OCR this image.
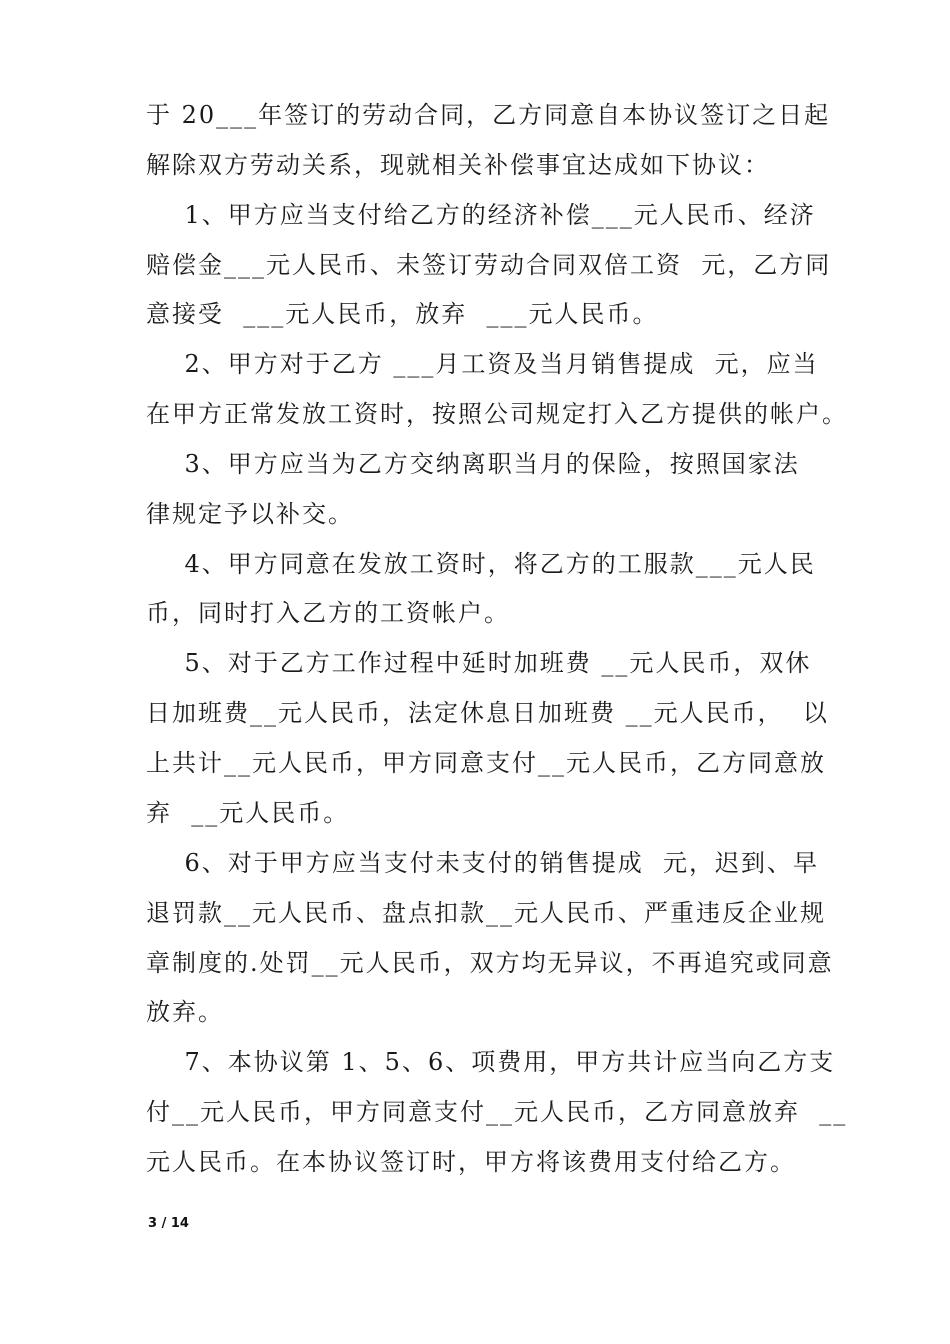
于 20___年签订的劳动合同，乙方同意自本协议签订之日起
解除双方劳动关系，现就相关补偿事宜达成如下协议：
1、甲方应当支付给乙方的经济补偿___元人民币、经济
赔偿金___元人民币、未签订劳动合同双倍工资  元，乙方同
意接受  ___元人民币，放弃  ___元人民币。
2、甲方对于乙方 ___月工资及当月销售提成  元，应当
在甲方正常发放工资时，按照公司规定打入乙方提供的帐户。
3、甲方应当为乙方交纳离职当月的保险，按照国家法
律规定予以补交。
4、甲方同意在发放工资时，将乙方的工服款___元人民
币，同时打入乙方的工资帐户。
5、对于乙方工作过程中延时加班费 __元人民币，双休
日加班费__元人民币，法定休息日加班费 __元人民币，  以
上共计__元人民币，甲方同意支付__元人民币，乙方同意放
弃  __元人民币。
6、对于甲方应当支付未支付的销售提成  元，迟到、早
退罚款__元人民币、盘点扣款__元人民币、严重违反企业规
章制度的.处罚__元人民币，双方均无异议，不再追究或同意
放弃。
7、本协议第 1、5、6、项费用，甲方共计应当向乙方支
付__元人民币，甲方同意支付__元人民币，乙方同意放弃  __
元人民币。在本协议签订时，甲方将该费用支付给乙方。
3 / 14
